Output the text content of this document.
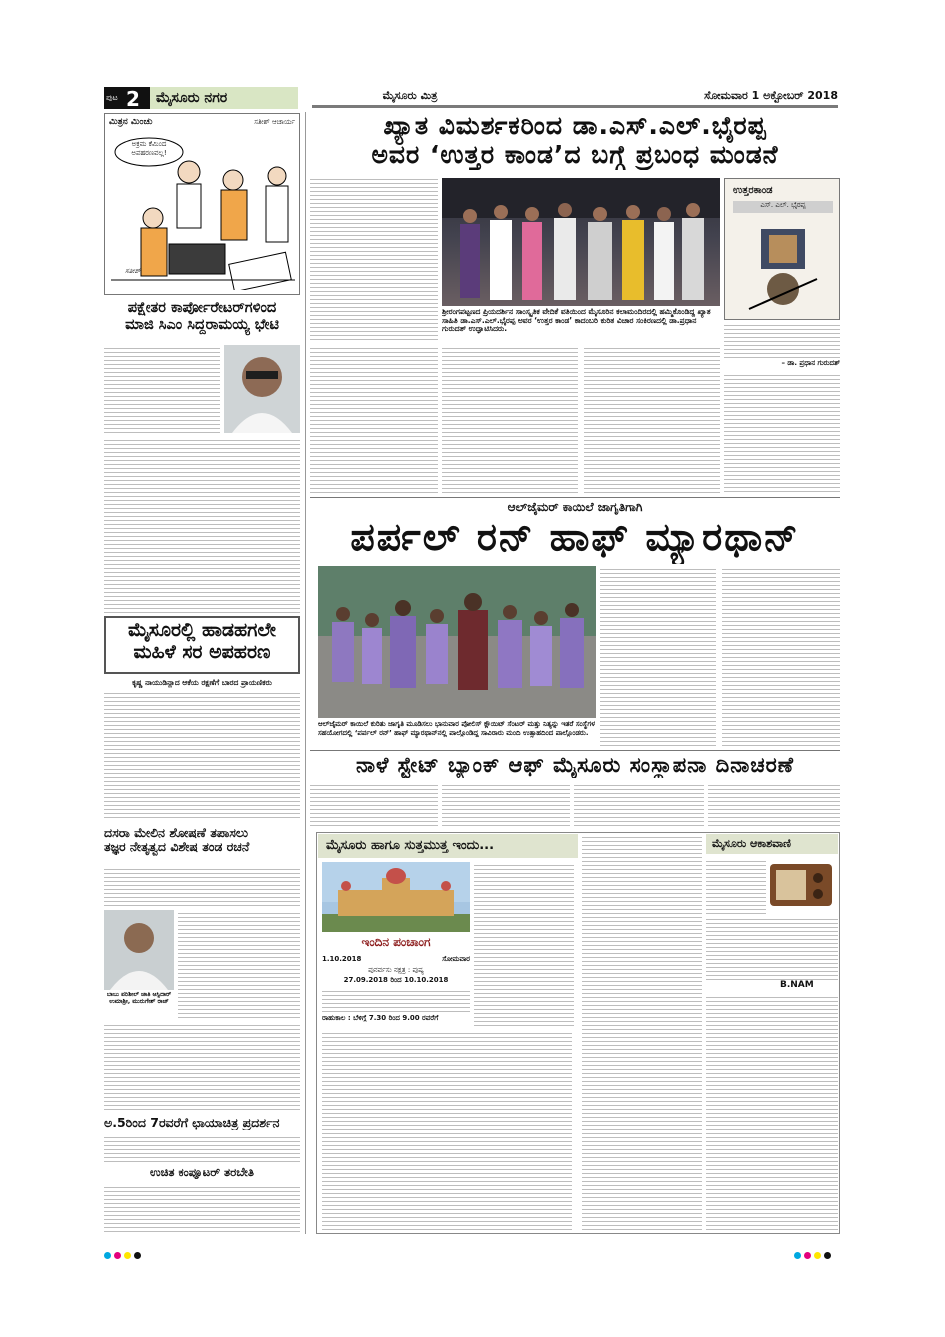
ಪುಟ 2	ಮೈಸೂರು ನಗರ	ಮೈಸೂರು ಮಿತ್ರ	ಸೋಮವಾರ 1 ಅಕ್ಟೋಬರ್ 2018
ಮಿತ್ರನ ಮಿಂಚು	ಸತೀಶ್ ಆಚಾರ್ಯ
ಅಕ್ರಮ ಕೆಮಿಂದ ಅಪಹರಣವಲ್ಲ!
ಸತೀಶ್
ಖ್ಯಾತ ವಿಮರ್ಶಕರಿಂದ ಡಾ.ಎಸ್.ಎಲ್.ಭೈರಪ್ಪ
ಅವರ ‘ಉತ್ತರ ಕಾಂಡ’ದ ಬಗ್ಗೆ ಪ್ರಬಂಧ ಮಂಡನೆ
ಶ್ರೀರಂಗಪಟ್ಟಣದ ಪ್ರಿಯದರ್ಶಿನ ಸಾಂಸ್ಕೃತಿಕ ವೇದಿಕೆ ವತಿಯಿಂದ ಮೈಸೂರಿನ ಕಲಾಮಂದಿರದಲ್ಲಿ ಹಮ್ಮಿಕೊಂಡಿದ್ದ ಖ್ಯಾತ ಸಾಹಿತಿ ಡಾ.ಎಸ್.ಎಲ್.ಭೈರಪ್ಪ ಅವರ ‘ಉತ್ತರ ಕಾಂಡ’ ಕಾದಂಬರಿ ಕುರಿತ ವಿಚಾರ ಸಂಕಿರಣದಲ್ಲಿ ಡಾ.ಪ್ರಧಾನ ಗುರುದತ್ ಉದ್ಘಾಟಿಸಿದರು.
ಉತ್ತರಕಾಂಡ
ಎಸ್. ಎಲ್. ಭೈರಪ್ಪ
– ಡಾ. ಪ್ರಧಾನ ಗುರುದತ್
ಪಕ್ಷೇತರ ಕಾರ್ಪೋರೇಟರ್‌ಗಳಿಂದ
ಮಾಜಿ ಸಿಎಂ ಸಿದ್ದರಾಮಯ್ಯ ಭೇಟಿ
ಮೈಸೂರಲ್ಲಿ ಹಾಡಹಗಲೇ
ಮಹಿಳೆ ಸರ ಅಪಹರಣ
ಕೃಷ್ಣ ನಾಯುಡಿನ್ಲಾದ ಆಕೆಯ ರಕ್ಷಣೆಗೆ ಬಾರದ ಪ್ರಾಯಣಿಕರು
ದಸರಾ ಮೇಲಿನ ಶೋಷಣೆ ತಪಾಸಲು
ತಜ್ಞರ ನೇತೃತ್ವದ ವಿಶೇಷ ತಂಡ ರಚನೆ
ಬಾಬು ಪರಿಶೀಲ್ ಜಾತಿ ಆಸ್ಪಿದಾರ್ ಉಮಾಶ್ರೀ, ಮುರುಗೇಶ್ ರಾಜ್
ಅ.5ರಿಂದ 7ರವರೆಗೆ ಛಾಯಾಚಿತ್ರ ಪ್ರದರ್ಶನ
ಉಚಿತ ಕಂಪ್ಯೂಟರ್ ತರಬೇತಿ
ಆಲ್‌ಜೈಮರ್ ಕಾಯಿಲೆ ಜಾಗೃತಿಗಾಗಿ
ಪರ್ಪಲ್ ರನ್ ಹಾಫ್ ಮ್ಯಾರಥಾನ್
ಆಲ್‌ಜೈಮರ್ ಕಾಯಿಲೆ ಕುರಿತು ಜಾಗೃತಿ ಮೂಡಿಸಲು ಭಾನುವಾರ ಪೋಲಿಸ್ ಕ್ಲೌಯಿಟ್ ಸೆಂಟರ್ ಮತ್ತು ನಿತ್ಯನ್ನು ಇತರೆ ಸಂಸ್ಥೆಗಳ ಸಹಯೋಗದಲ್ಲಿ ‘ಪರ್ಪಲ್ ರನ್’ ಹಾಫ್ ಮ್ಯಾರಥಾನ್‌ನಲ್ಲಿ ಪಾಲ್ಗೊಂಡಿದ್ದ ಸಾವಿರಾರು ಮಂದಿ ಉತ್ಸಾಹದಿಂದ ಪಾಲ್ಗೊಂಡರು.
ನಾಳೆ ಸ್ಟೇಟ್ ಬ್ಯಾಂಕ್ ಆಫ್ ಮೈಸೂರು ಸಂಸ್ಥಾಪನಾ ದಿನಾಚರಣೆ
ಮೈಸೂರು ಹಾಗೂ ಸುತ್ತಮುತ್ತ ಇಂದು...
ಇಂದಿನ ಪಂಚಾಂಗ
1.10.2018	ಸೋಮವಾರ
ಪುನರ್ವಸು ನಕ್ಷತ್ರ : ಪುಷ್ಯ
27.09.2018 ರಿಂದ 10.10.2018
ರಾಹುಕಾಲ : ಬೆಳಿಗ್ಗೆ 7.30 ರಿಂದ 9.00 ರವರೆಗೆ
ಮೈಸೂರು ಆಕಾಶವಾಣಿ
B.NAM
